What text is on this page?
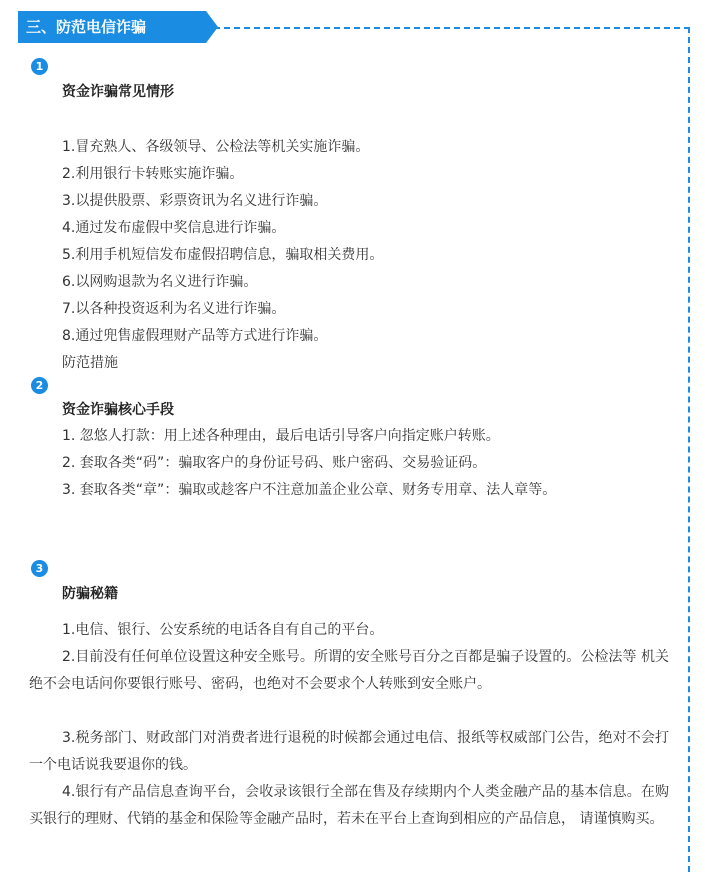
三、防范电信诈骗
1
资金诈骗常见情形
1.冒充熟人、各级领导、公检法等机关实施诈骗。
2.利用银行卡转账实施诈骗。
3.以提供股票、彩票资讯为名义进行诈骗。
4.通过发布虚假中奖信息进行诈骗。
5.利用手机短信发布虚假招聘信息，骗取相关费用。
6.以网购退款为名义进行诈骗。
7.以各种投资返利为名义进行诈骗。
8.通过兜售虚假理财产品等方式进行诈骗。
防范措施
2
资金诈骗核心手段

1. 忽悠人打款：用上述各种理由，最后电话引导客户向指定账户转账。

2. 套取各类“码”：骗取客户的身份证号码、账户密码、交易验证码。

3. 套取各类“章”：骗取或趁客户不注意加盖企业公章、财务专用章、法人章等。

3
防骗秘籍

1.电信、银行、公安系统的电话各自有自己的平台。

2.目前没有任何单位设置这种安全账号。所谓的安全账号百分之百都是骗子设置的。公检法等 机关绝不会电话问你要银行账号、密码，也绝对不会要求个人转账到安全账户。

3.税务部门、财政部门对消费者进行退税的时候都会通过电信、报纸等权威部门公告，绝对不会打 一个电话说我要退你的钱。

4.银行有产品信息查询平台，会收录该银行全部在售及存续期内个人类金融产品的基本信息。在购买银行的理财、代销的基金和保险等金融产品时，若未在平台上查询到相应的产品信息， 请谨慎购买。
